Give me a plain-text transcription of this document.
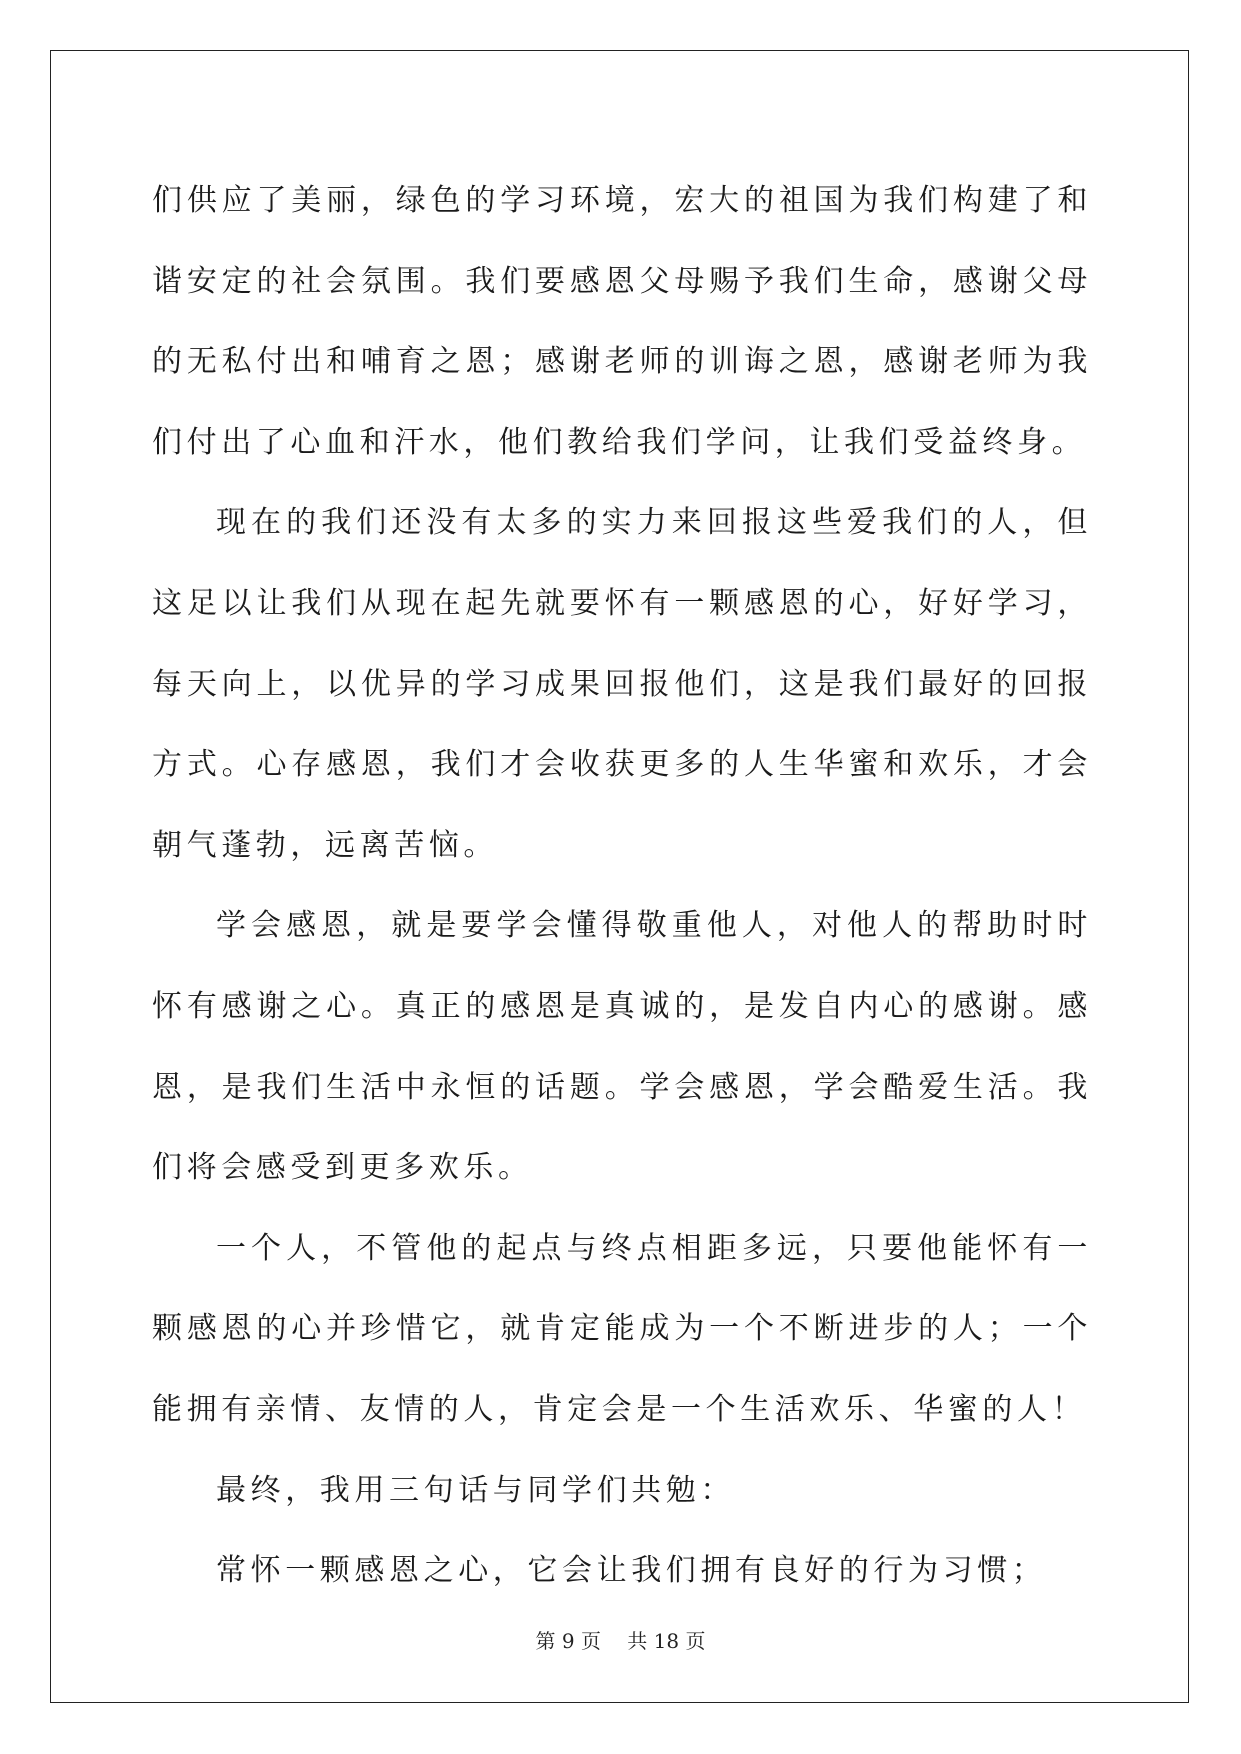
们供应了美丽，绿色的学习环境，宏大的祖国为我们构建了和谐安定的社会氛围。我们要感恩父母赐予我们生命，感谢父母的无私付出和哺育之恩；感谢老师的训诲之恩，感谢老师为我们付出了心血和汗水，他们教给我们学问，让我们受益终身。

现在的我们还没有太多的实力来回报这些爱我们的人，但这足以让我们从现在起先就要怀有一颗感恩的心，好好学习，每天向上，以优异的学习成果回报他们，这是我们最好的回报方式。心存感恩，我们才会收获更多的人生华蜜和欢乐，才会朝气蓬勃，远离苦恼。

学会感恩，就是要学会懂得敬重他人，对他人的帮助时时怀有感谢之心。真正的感恩是真诚的，是发自内心的感谢。感恩，是我们生活中永恒的话题。学会感恩，学会酷爱生活。我们将会感受到更多欢乐。

一个人，不管他的起点与终点相距多远，只要他能怀有一颗感恩的心并珍惜它，就肯定能成为一个不断进步的人；一个能拥有亲情、友情的人，肯定会是一个生活欢乐、华蜜的人！

最终，我用三句话与同学们共勉：

常怀一颗感恩之心，它会让我们拥有良好的行为习惯；

第 9 页　 共 18 页
